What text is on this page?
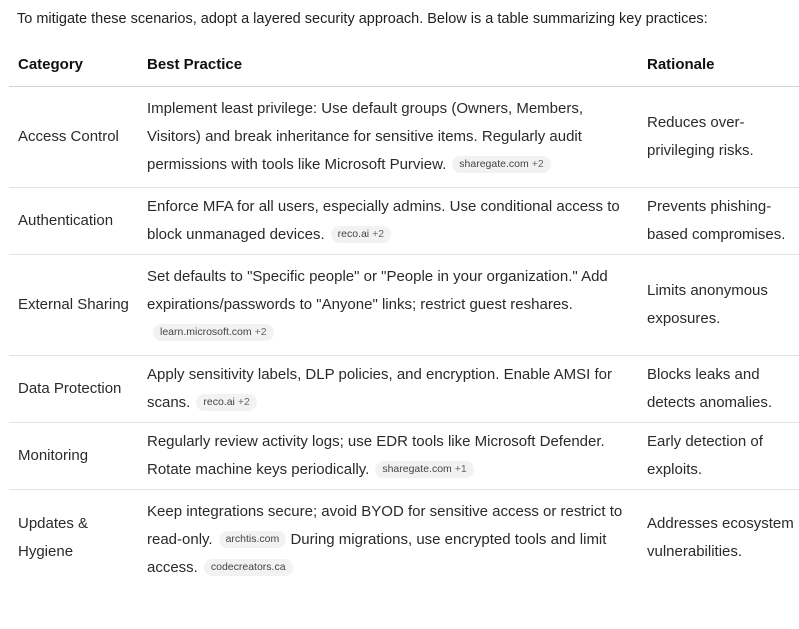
To mitigate these scenarios, adopt a layered security approach. Below is a table summarizing key practices:
Category	Best Practice	Rationale
Access Control	Implement least privilege: Use default groups (Owners, Members, Visitors) and break inheritance for sensitive items. Regularly audit permissions with tools like Microsoft Purview. sharegate.com +2	Reduces over-privileging risks.
Authentication	Enforce MFA for all users, especially admins. Use conditional access to block unmanaged devices. reco.ai +2	Prevents phishing-based compromises.
External Sharing	Set defaults to "Specific people" or "People in your organization." Add expirations/passwords to "Anyone" links; restrict guest reshares.learn.microsoft.com +2	Limits anonymous exposures.
Data Protection	Apply sensitivity labels, DLP policies, and encryption. Enable AMSI for scans. reco.ai +2	Blocks leaks and detects anomalies.
Monitoring	Regularly review activity logs; use EDR tools like Microsoft Defender. Rotate machine keys periodically. sharegate.com +1	Early detection of exploits.
Updates & Hygiene	Keep integrations secure; avoid BYOD for sensitive access or restrict to read-only. archtis.com During migrations, use encrypted tools and limit access. codecreators.ca	Addresses ecosystem vulnerabilities.
